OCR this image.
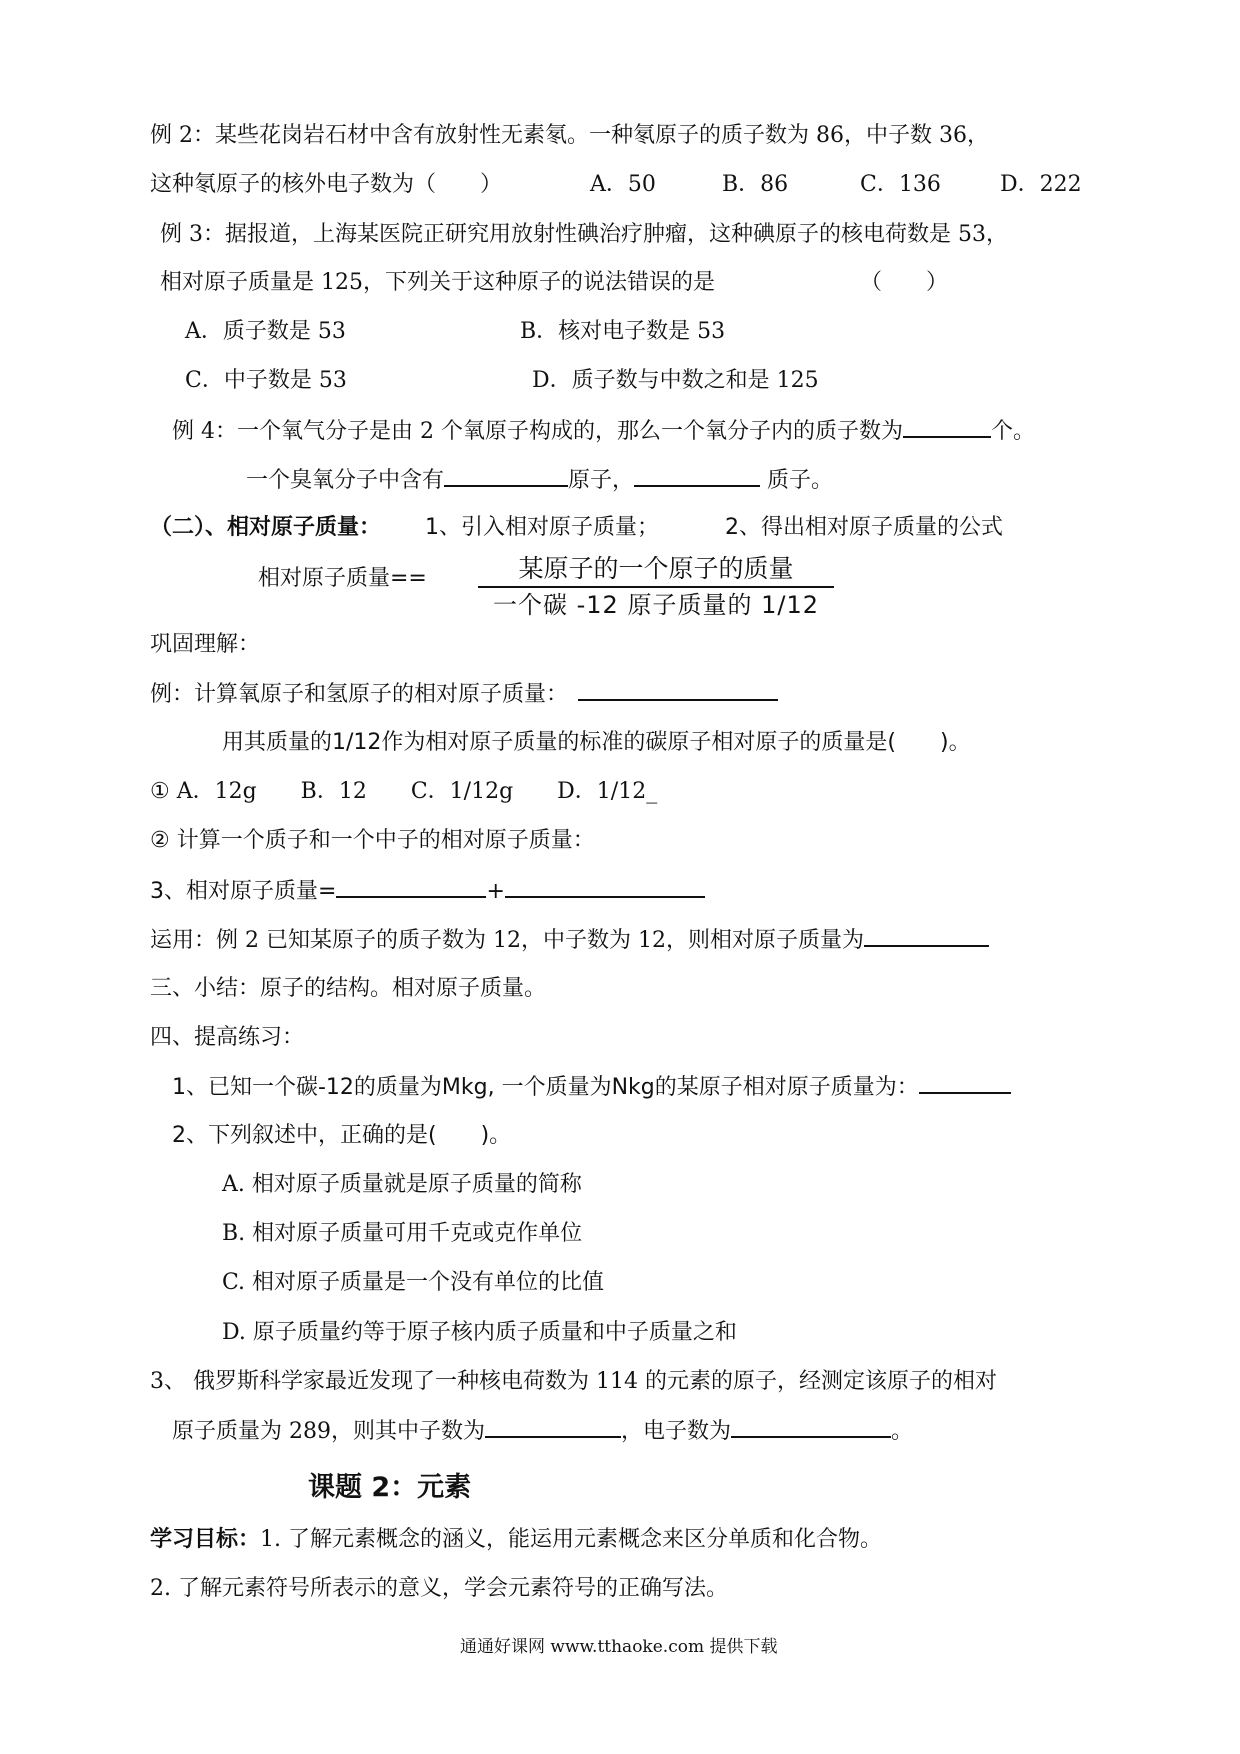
例 2：某些花岗岩石材中含有放射性无素氡。一种氡原子的质子数为 86，中子数 36，
这种氡原子的核外电子数为（　　）	A．50	B．86	C．136	D．222
例 3：据报道，上海某医院正研究用放射性碘治疗肿瘤，这种碘原子的核电荷数是 53，
相对原子质量是 125，下列关于这种原子的说法错误的是	（　　）
A．质子数是 53	B．核对电子数是 53
C．中子数是 53	D．质子数与中数之和是 125
例 4：一个氧气分子是由 2 个氧原子构成的，那么一个氧分子内的质子数为	个。
一个臭氧分子中含有	原子，	质子。
（二）、相对原子质量： 1、引入相对原子质量；	2、得出相对原子质量的公式
相对原子质量==	某原子的一个原子的质量
一个碳 -12 原子质量的 1/12
巩固理解：
例：计算氧原子和氢原子的相对原子质量：
用其质量的1/12作为相对原子质量的标准的碳原子相对原子的质量是(　　)。
① A．12g　　B．12　　C．1/12g　　D．1/12_
② 计算一个质子和一个中子的相对原子质量：
3、相对原子质量=	+
运用：例 2 已知某原子的质子数为 12，中子数为 12，则相对原子质量为
三、小结：原子的结构。相对原子质量。
四、提高练习：
1、已知一个碳-12的质量为Mkg, 一个质量为Nkg的某原子相对原子质量为：
2、下列叙述中，正确的是(　　)。
A. 相对原子质量就是原子质量的简称
B. 相对原子质量可用千克或克作单位
C. 相对原子质量是一个没有单位的比值
D. 原子质量约等于原子核内质子质量和中子质量之和
3、 俄罗斯科学家最近发现了一种核电荷数为 114 的元素的原子，经测定该原子的相对
原子质量为 289，则其中子数为	，电子数为	。
课题 2：元素
学习目标：1. 了解元素概念的涵义，能运用元素概念来区分单质和化合物。
2. 了解元素符号所表示的意义，学会元素符号的正确写法。
通通好课网 www.tthaoke.com 提供下载
